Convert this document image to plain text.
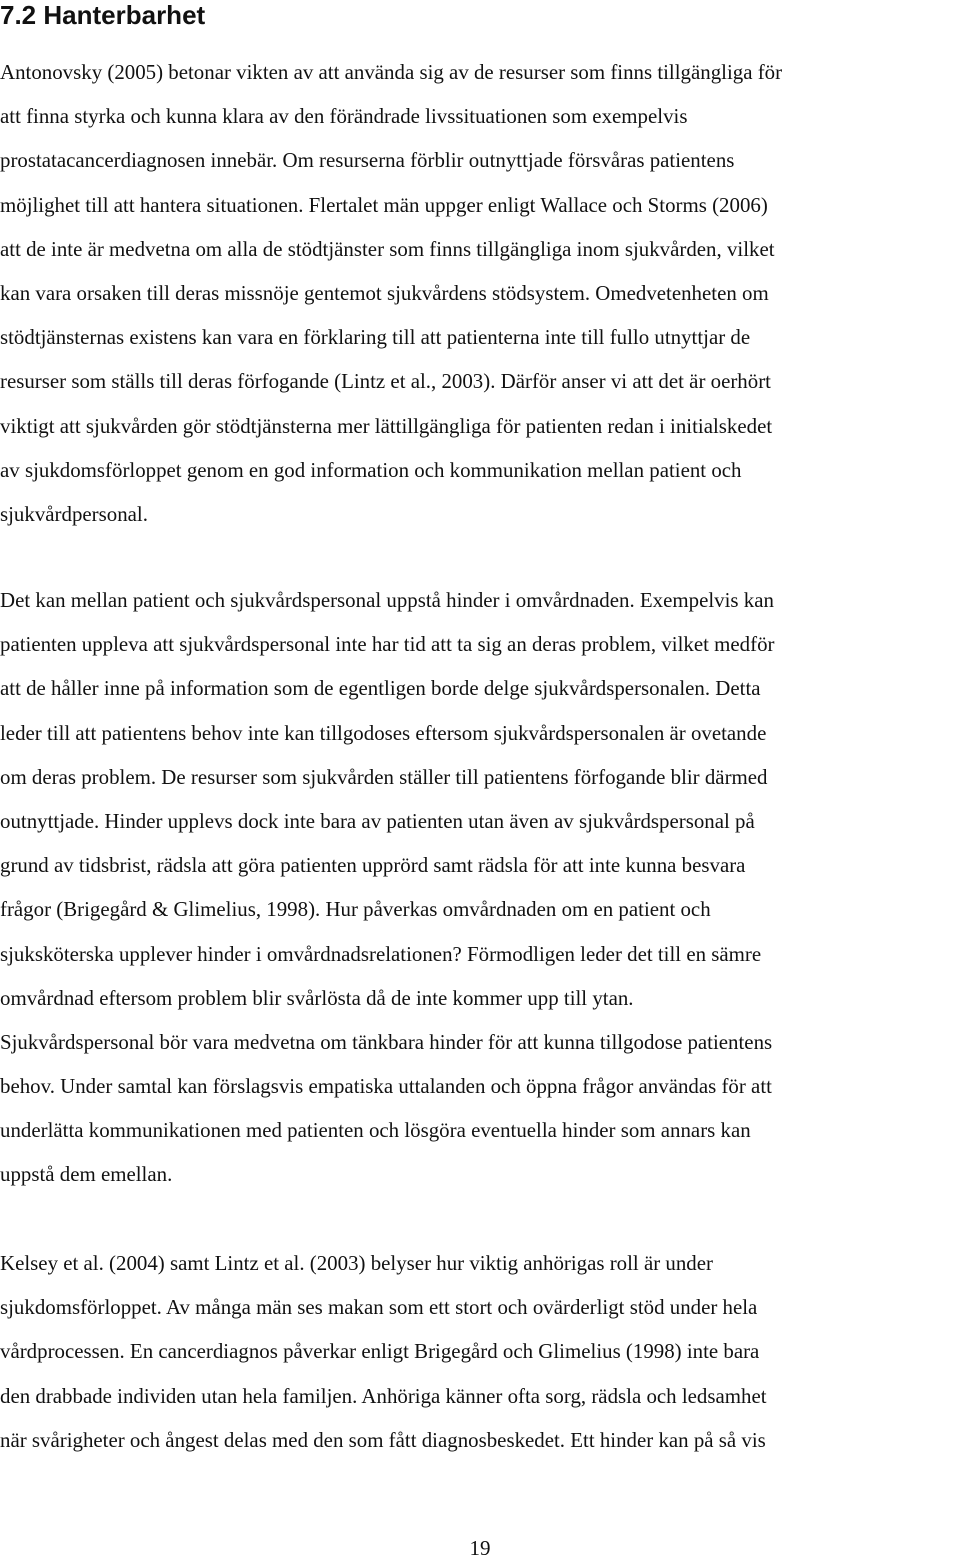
7.2 Hanterbarhet
Antonovsky (2005) betonar vikten av att använda sig av de resurser som finns tillgängliga för
att finna styrka och kunna klara av den förändrade livssituationen som exempelvis
prostatacancerdiagnosen innebär. Om resurserna förblir outnyttjade försvåras patientens
möjlighet till att hantera situationen. Flertalet män uppger enligt Wallace och Storms (2006)
att de inte är medvetna om alla de stödtjänster som finns tillgängliga inom sjukvården, vilket
kan vara orsaken till deras missnöje gentemot sjukvårdens stödsystem. Omedvetenheten om
stödtjänsternas existens kan vara en förklaring till att patienterna inte till fullo utnyttjar de
resurser som ställs till deras förfogande (Lintz et al., 2003). Därför anser vi att det är oerhört
viktigt att sjukvården gör stödtjänsterna mer lättillgängliga för patienten redan i initialskedet
av sjukdomsförloppet genom en god information och kommunikation mellan patient och
sjukvårdpersonal.
Det kan mellan patient och sjukvårdspersonal uppstå hinder i omvårdnaden. Exempelvis kan
patienten uppleva att sjukvårdspersonal inte har tid att ta sig an deras problem, vilket medför
att de håller inne på information som de egentligen borde delge sjukvårdspersonalen. Detta
leder till att patientens behov inte kan tillgodoses eftersom sjukvårdspersonalen är ovetande
om deras problem. De resurser som sjukvården ställer till patientens förfogande blir därmed
outnyttjade. Hinder upplevs dock inte bara av patienten utan även av sjukvårdspersonal på
grund av tidsbrist, rädsla att göra patienten upprörd samt rädsla för att inte kunna besvara
frågor (Brigegård & Glimelius, 1998). Hur påverkas omvårdnaden om en patient och
sjuksköterska upplever hinder i omvårdnadsrelationen? Förmodligen leder det till en sämre
omvårdnad eftersom problem blir svårlösta då de inte kommer upp till ytan.
Sjukvårdspersonal bör vara medvetna om tänkbara hinder för att kunna tillgodose patientens
behov. Under samtal kan förslagsvis empatiska uttalanden och öppna frågor användas för att
underlätta kommunikationen med patienten och lösgöra eventuella hinder som annars kan
uppstå dem emellan.
Kelsey et al. (2004) samt Lintz et al. (2003) belyser hur viktig anhörigas roll är under
sjukdomsförloppet. Av många män ses makan som ett stort och ovärderligt stöd under hela
vårdprocessen. En cancerdiagnos påverkar enligt Brigegård och Glimelius (1998) inte bara
den drabbade individen utan hela familjen. Anhöriga känner ofta sorg, rädsla och ledsamhet
när svårigheter och ångest delas med den som fått diagnosbeskedet. Ett hinder kan på så vis
19
